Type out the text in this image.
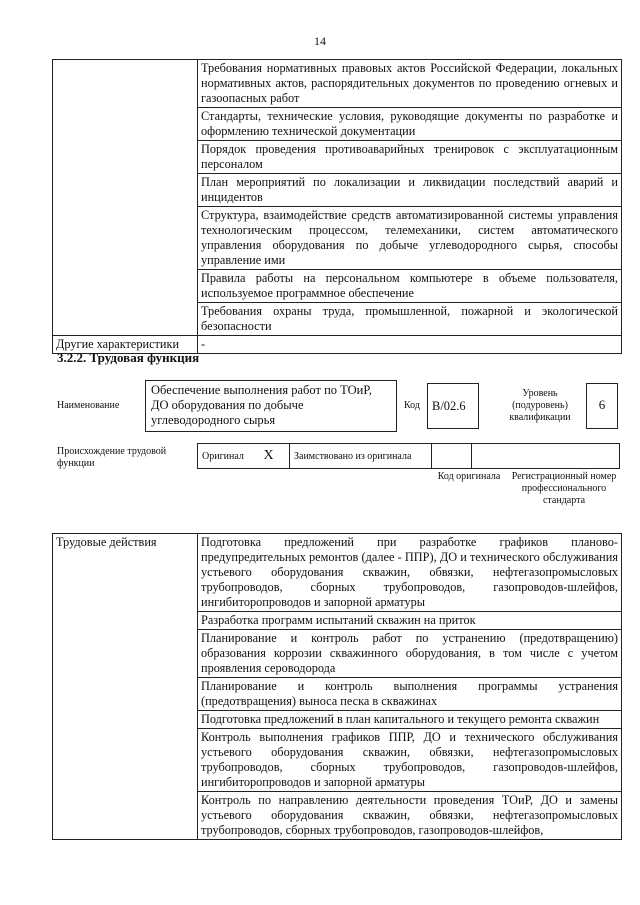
14
	Требования нормативных правовых актов Российской Федерации, локальных нормативных актов, распорядительных документов по проведению огневых и газоопасных работ
	Стандарты, технические условия, руководящие документы по разработке и оформлению технической документации
	Порядок проведения противоаварийных тренировок с эксплуатационным персоналом
	План мероприятий по локализации и ликвидации последствий аварий и инцидентов
	Структура, взаимодействие средств автоматизированной системы управления технологическим процессом, телемеханики, систем автоматического управления оборудования по добыче углеводородного сырья, способы управление ими
	Правила работы на персональном компьютере в объеме пользователя, используемое программное обеспечение
	Требования охраны труда, промышленной, пожарной и экологической безопасности
Другие характеристики	-
3.2.2. Трудовая функция
Наименование
Обеспечение выполнения работ по ТОиР, ДО оборудования по добыче углеводородного сырья
Код B/02.6
Уровень (подуровень) квалификации
6
Происхождение трудовой функции
Оригинал	X	Заимствовано из оригинала		
Код оригинала	Регистрационный номер профессионального стандарта
Трудовые действия	Подготовка предложений при разработке графиков планово-предупредительных ремонтов (далее - ППР), ДО и технического обслуживания устьевого оборудования скважин, обвязки, нефтегазопромысловых трубопроводов, сборных трубопроводов, газопроводов-шлейфов, ингибиторопроводов и запорной арматуры
Разработка программ испытаний скважин на приток
Планирование и контроль работ по устранению (предотвращению) образования коррозии скважинного оборудования, в том числе с учетом проявления сероводорода
Планирование и контроль выполнения программы устранения (предотвращения) выноса песка в скважинах
Подготовка предложений в план капитального и текущего ремонта скважин
Контроль выполнения графиков ППР, ДО и технического обслуживания устьевого оборудования скважин, обвязки, нефтегазопромысловых трубопроводов, сборных трубопроводов, газопроводов-шлейфов, ингибиторопроводов и запорной арматуры
Контроль по направлению деятельности проведения ТОиР, ДО и замены устьевого оборудования скважин, обвязки, нефтегазопромысловых трубопроводов, сборных трубопроводов, газопроводов-шлейфов,
